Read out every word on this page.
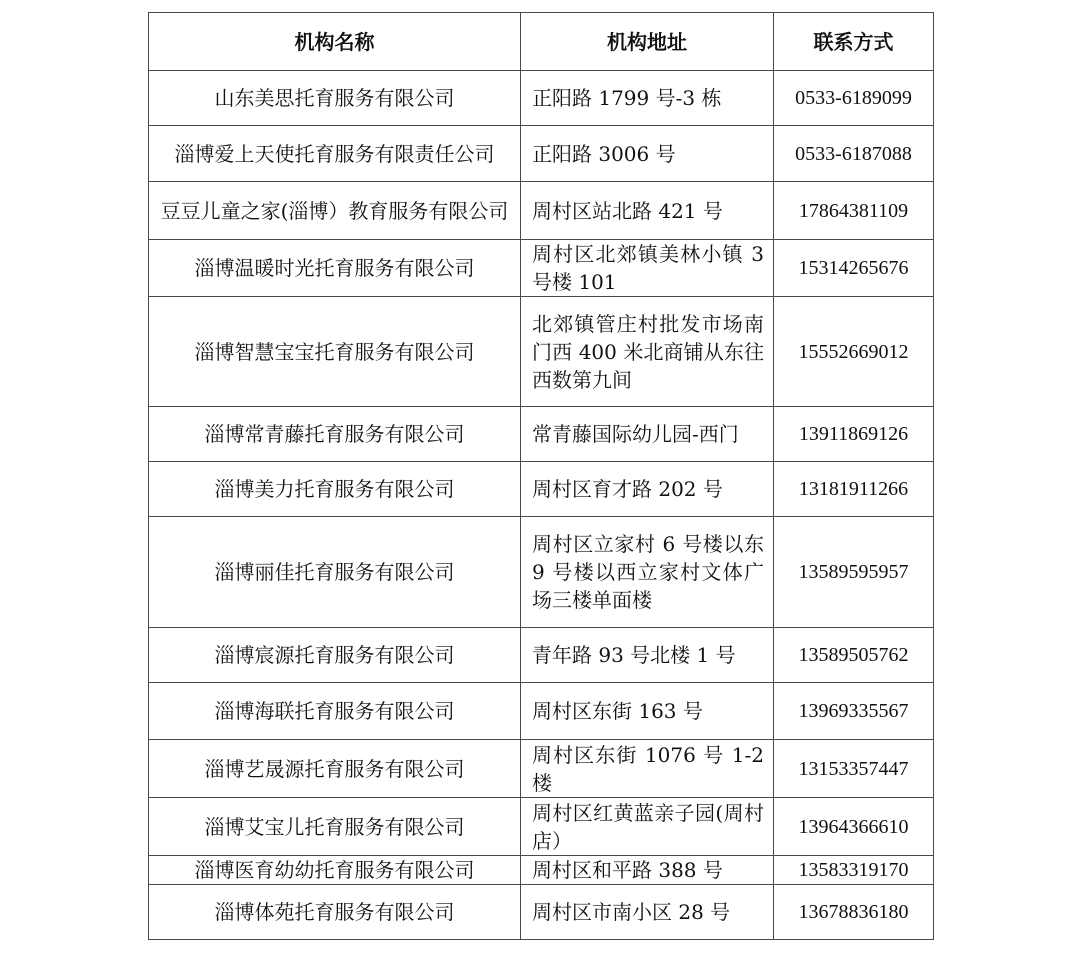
机构名称	机构地址	联系方式
山东美思托育服务有限公司	正阳路 1799 号-3 栋	0533-6189099
淄博爱上天使托育服务有限责任公司	正阳路 3006 号	0533-6187088
豆豆儿童之家(淄博）教育服务有限公司	周村区站北路 421 号	17864381109
淄博温暖时光托育服务有限公司	周村区北郊镇美林小镇 3 号楼 101	15314265676
淄博智慧宝宝托育服务有限公司	北郊镇管庄村批发市场南门西 400 米北商铺从东往西数第九间	15552669012
淄博常青藤托育服务有限公司	常青藤国际幼儿园-西门	13911869126
淄博美力托育服务有限公司	周村区育才路 202 号	13181911266
淄博丽佳托育服务有限公司	周村区立家村 6 号楼以东 9 号楼以西立家村文体广场三楼单面楼	13589595957
淄博宸源托育服务有限公司	青年路 93 号北楼 1 号	13589505762
淄博海联托育服务有限公司	周村区东街 163 号	13969335567
淄博艺晟源托育服务有限公司	周村区东街 1076 号 1-2 楼	13153357447
淄博艾宝儿托育服务有限公司	周村区红黄蓝亲子园(周村店）	13964366610
淄博医育幼幼托育服务有限公司	周村区和平路 388 号	13583319170
淄博体苑托育服务有限公司	周村区市南小区 28 号	13678836180
